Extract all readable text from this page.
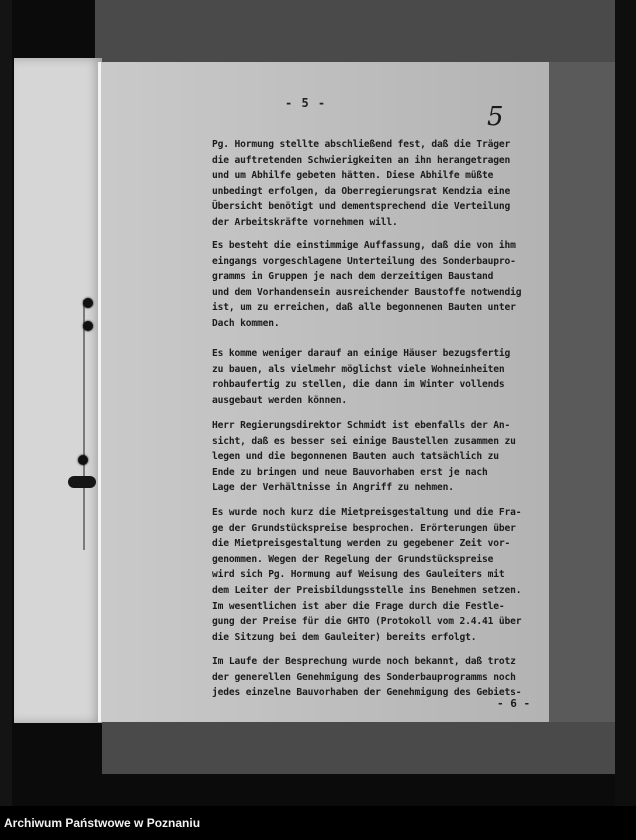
- 5 -	5

Pg. Hormung stellte abschließend fest, daß die Träger
die auftretenden Schwierigkeiten an ihn herangetragen
und um Abhilfe gebeten hätten. Diese Abhilfe müßte
unbedingt erfolgen, da Oberregierungsrat Kendzia eine
Übersicht benötigt und dementsprechend die Verteilung
der Arbeitskräfte vornehmen will.

Es besteht die einstimmige Auffassung, daß die von ihm
eingangs vorgeschlagene Unterteilung des Sonderbaupro-
gramms in Gruppen je nach dem derzeitigen Baustand
und dem Vorhandensein ausreichender Baustoffe notwendig
ist, um zu erreichen, daß alle begonnenen Bauten unter
Dach kommen.

Es komme weniger darauf an einige Häuser bezugsfertig
zu bauen, als vielmehr möglichst viele Wohneinheiten
rohbaufertig zu stellen, die dann im Winter vollends
ausgebaut werden können.

Herr Regierungsdirektor Schmidt ist ebenfalls der An-
sicht, daß es besser sei einige Baustellen zusammen zu
legen und die begonnenen Bauten auch tatsächlich zu
Ende zu bringen und neue Bauvorhaben erst je nach
Lage der Verhältnisse in Angriff zu nehmen.

Es wurde noch kurz die Mietpreisgestaltung und die Fra-
ge der Grundstückspreise besprochen. Erörterungen über
die Mietpreisgestaltung werden zu gegebener Zeit vor-
genommen. Wegen der Regelung der Grundstückspreise
wird sich Pg. Hormung auf Weisung des Gauleiters mit
dem Leiter der Preisbildungsstelle ins Benehmen setzen.
Im wesentlichen ist aber die Frage durch die Festle-
gung der Preise für die GHTO (Protokoll vom 2.4.41 über
die Sitzung bei dem Gauleiter) bereits erfolgt.

Im Laufe der Besprechung wurde noch bekannt, daß trotz
der generellen Genehmigung des Sonderbauprogramms noch
jedes einzelne Bauvorhaben der Genehmigung des Gebiets-

- 6 -
Archiwum Państwowe w Poznaniu
